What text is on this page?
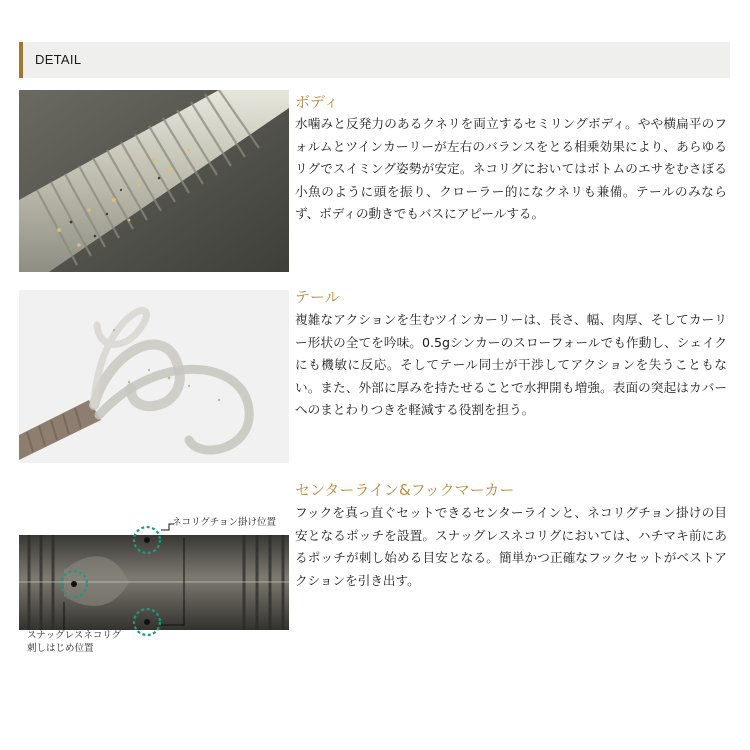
DETAIL
ボディ
水噛みと反発力のあるクネリを両立するセミリングボディ。やや横扁平のフォルムとツインカーリーが左右のバランスをとる相乗効果により、あらゆるリグでスイミング姿勢が安定。ネコリグにおいてはボトムのエサをむさぼる小魚のように頭を振り、クローラー的になクネリも兼備。テールのみならず、ボディの動きでもバスにアピールする。
テール
複雑なアクションを生むツインカーリーは、長さ、幅、肉厚、そしてカーリー形状の全てを吟味。0.5gシンカーのスローフォールでも作動し、シェイクにも機敏に反応。そしてテール同士が干渉してアクションを失うこともない。また、外部に厚みを持たせることで水押開も増強。表面の突起はカバーへのまとわりつきを軽減する役割を担う。
ネコリグチョン掛け位置
スナッグレスネコリグ
刺しはじめ位置
センターライン&フックマーカー
フックを真っ直ぐセットできるセンターラインと、ネコリグチョン掛けの目安となるポッチを設置。スナッグレスネコリグにおいては、ハチマキ前にあるポッチが刺し始める目安となる。簡単かつ正確なフックセットがベストアクションを引き出す。
